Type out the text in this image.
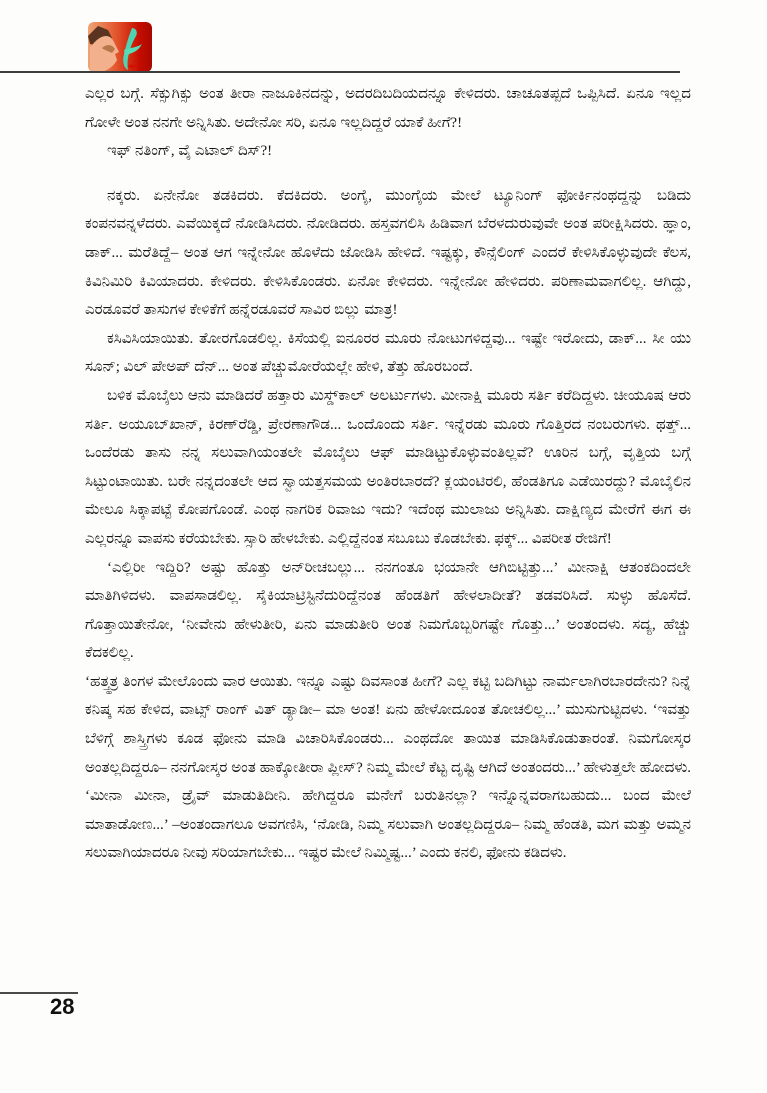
ಎಲ್ಲರ ಬಗ್ಗೆ. ಸೆಕ್ಸುಗಿಕ್ಸು ಅಂತ ತೀರಾ ನಾಜೂಕಿನದನ್ನು, ಅದರದಿಬದಿಯದನ್ನೂ ಕೇಳಿದರು. ಚಾಚೂತಪ್ಪದೆ ಒಪ್ಪಿಸಿದೆ. ಏನೂ ಇಲ್ಲದ ಗೋಳೇ ಅಂತ ನನಗೇ ಅನ್ನಿಸಿತು. ಅದೇನೋ ಸರಿ, ಏನೂ ಇಲ್ಲದಿದ್ದರೆ ಯಾಕೆ ಹೀಗೆ?!

ಇಫ್ ನತಿಂಗ್, ವೈ ಎಟಾಲ್ ದಿಸ್?!

ನಕ್ಕರು. ಏನೇನೋ ತಡಕಿದರು. ಕೆದಕಿದರು. ಅಂಗೈ, ಮುಂಗೈಯ ಮೇಲೆ ಟ್ಯೂನಿಂಗ್ ಫೋರ್ಕಿನಂಥದ್ದನ್ನು ಬಡಿದು ಕಂಪನವನ್ನಳೆದರು. ಎವೆಯಿಕ್ಕದೆ ನೋಡಿಸಿದರು. ನೋಡಿದರು. ಹಸ್ತವಗಲಿಸಿ ಹಿಡಿವಾಗ ಬೆರಳದುರುವುವೇ ಅಂತ ಪರೀಕ್ಷಿಸಿದರು. ಹ್ಞಾಂ, ಡಾಕ್... ಮರೆತಿದ್ದೆ– ಅಂತ ಆಗ ಇನ್ನೇನೋ ಹೊಳೆದು ಜೋಡಿಸಿ ಹೇಳಿದೆ. ಇಷ್ಟಕ್ಕು, ಕೌನ್ಸೆಲಿಂಗ್ ಎಂದರೆ ಕೇಳಿಸಿಕೊಳ್ಳುವುದೇ ಕೆಲಸ, ಕಿವಿನಿಮಿರಿ ಕಿವಿಯಾದರು. ಕೇಳಿದರು. ಕೇಳಿಸಿಕೊಂಡರು. ಏನೋ ಕೇಳಿದರು. ಇನ್ನೇನೋ ಹೇಳಿದರು. ಪರಿಣಾಮವಾಗಲಿಲ್ಲ. ಆಗಿದ್ದು, ಎರಡೂವರೆ ತಾಸುಗಳ ಕೇಳಿಕೆಗೆ ಹನ್ನೆರಡೂವರೆ ಸಾವಿರ ಬಿಲ್ಲು ಮಾತ್ರ!

ಕಸಿವಿಸಿಯಾಯಿತು. ತೋರಗೊಡಲಿಲ್ಲ. ಕಿಸೆಯಲ್ಲಿ ಐನೂರರ ಮೂರು ನೋಟುಗಳಿದ್ದವು... ಇಷ್ಟೇ ಇರೋದು, ಡಾಕ್... ಸೀ ಯು ಸೂನ್; ವಿಲ್ ಪೇಅಪ್ ದೆನ್... ಅಂತ ಪೆಚ್ಚುಮೋರೆಯಲ್ಲೇ ಹೇಳಿ, ತೆತ್ತು ಹೊರಬಂದೆ.

ಬಳಿಕ ಮೊಬೈಲು ಆನು ಮಾಡಿದರೆ ಹತ್ತಾರು ಮಿಸ್ಡ್‌ಕಾಲ್ ಅಲರ್ಟುಗಳು. ಮೀನಾಕ್ಷಿ ಮೂರು ಸರ್ತಿ ಕರೆದಿದ್ದಳು. ಚೀಯೂಷ ಆರು ಸರ್ತಿ. ಅಯೂಬ್‌ಖಾನ್, ಕಿರಣ್‌ರೆಡ್ಡಿ, ಪ್ರೇರಣಾಗೌಡ... ಒಂದೊಂದು ಸರ್ತಿ. ಇನ್ನೆರಡು ಮೂರು ಗೊತ್ತಿರದ ನಂಬರುಗಳು. ಥತ್ತ್... ಒಂದೆರಡು ತಾಸು ನನ್ನ ಸಲುವಾಗಿಯಂತಲೇ ಮೊಬೈಲು ಆಫ್ ಮಾಡಿಟ್ಟುಕೊಳ್ಳುವಂತಿಲ್ಲವೆ? ಊರಿನ ಬಗ್ಗೆ, ವೃತ್ತಿಯ ಬಗ್ಗೆ ಸಿಟ್ಟುಂಟಾಯಿತು. ಬರೇ ನನ್ನದಂತಲೇ ಆದ ಸ್ವಾಯತ್ತಸಮಯ ಅಂತಿರಬಾರದೆ? ಕ್ಲಯಂಟಿರಲಿ, ಹೆಂಡತಿಗೂ ಎಡೆಯಿರದ್ದು? ಮೊಬೈಲಿನ ಮೇಲೂ ಸಿಕ್ಕಾಪಟ್ಟೆ ಕೋಪಗೊಂಡೆ. ಎಂಥ ನಾಗರಿಕ ರಿವಾಜು ಇದು? ಇದೆಂಥ ಮುಲಾಜು ಅನ್ನಿಸಿತು. ದಾಕ್ಷಿಣ್ಯದ ಮೇರೆಗೆ ಈಗ ಈ ಎಲ್ಲರನ್ನೂ ವಾಪಸು ಕರೆಯಬೇಕು. ಸ್ಸಾರಿ ಹೇಳಬೇಕು. ಎಲ್ಲಿದ್ದೆನಂತ ಸಬೂಬು ಕೊಡಬೇಕು. ಫಕ್ಕ್... ವಿಪರೀತ ರೇಜಿಗೆ!

‘ಎಲ್ಲಿರೀ ಇದ್ದಿರಿ? ಅಷ್ಟು ಹೊತ್ತು ಅನ್‌ರೀಚಬಲ್ಲು... ನನಗಂತೂ ಭಯಾನೇ ಆಗಿಬಿಟ್ಟಿತ್ತು...’ ಮೀನಾಕ್ಷಿ ಆತಂಕದಿಂದಲೇ ಮಾತಿಗಿಳಿದಳು. ವಾಪಸಾಡಲಿಲ್ಲ. ಸೈಕಿಯಾಟ್ರಿಸ್ಟಿನೆದುರಿದ್ದೆನಂತ ಹೆಂಡತಿಗೆ ಹೇಳಲಾದೀತೆ? ತಡವರಿಸಿದೆ. ಸುಳ್ಳು ಹೊಸೆದೆ. ಗೊತ್ತಾಯಿತೇನೋ, ‘ನೀವೇನು ಹೇಳುತೀರಿ, ಏನು ಮಾಡುತೀರಿ ಅಂತ ನಿಮಗೊಬ್ಬರಿಗಷ್ಟೇ ಗೊತ್ತು...’ ಅಂತಂದಳು. ಸದ್ಯ, ಹೆಚ್ಚು ಕೆದಕಲಿಲ್ಲ.

‘ಹತ್ತ್ಹತ್ರ ತಿಂಗಳ ಮೇಲೊಂದು ವಾರ ಆಯಿತು. ಇನ್ನೂ ಎಷ್ಟು ದಿವಸಾಂತ ಹೀಗೆ? ಎಲ್ಲ ಕಟ್ಟಿ ಬದಿಗಿಟ್ಟು ನಾರ್ಮಲಾಗಿರಬಾರದೇನು? ನಿನ್ನೆ ಕನಿಷ್ಕ ಸಹ ಕೇಳಿದ, ವಾಟ್ಸ್ ರಾಂಗ್ ವಿತ್ ಡ್ಯಾಡೀ– ಮಾ ಅಂತ! ಏನು ಹೇಳೋದೂಂತ ತೋಚಲಿಲ್ಲ...’ ಮುಸುಗುಟ್ಟಿದಳು. ‘ಇವತ್ತು ಬೆಳಿಗ್ಗೆ ಶಾಸ್ತ್ರಿಗಳು ಕೂಡ ಫೋನು ಮಾಡಿ ವಿಚಾರಿಸಿಕೊಂಡರು... ಎಂಥದೋ ತಾಯಿತ ಮಾಡಿಸಿಕೊಡುತಾರಂತೆ. ನಿಮಗೋಸ್ಕರ ಅಂತಲ್ಲದಿದ್ದರೂ– ನನಗೋಸ್ಕರ ಅಂತ ಹಾಕ್ಕೋತೀರಾ ಪ್ಲೀಸ್? ನಿಮ್ಮ ಮೇಲೆ ಕೆಟ್ಟ ದೃಷ್ಟಿ ಆಗಿದೆ ಅಂತಂದರು...’ ಹೇಳುತ್ತಲೇ ಹೋದಳು. ‘ಮೀನಾ ಮೀನಾ, ಡ್ರೈವ್ ಮಾಡುತಿದೀನಿ. ಹೇಗಿದ್ದರೂ ಮನೇಗೆ ಬರುತಿನಲ್ಲಾ? ಇನ್ನೊನ್ನವರಾಗಬಹುದು... ಬಂದ ಮೇಲೆ ಮಾತಾಡೋಣ...’ –ಅಂತಂದಾಗಲೂ ಅವಗಣಿಸಿ, ‘ನೋಡಿ, ನಿಮ್ಮ ಸಲುವಾಗಿ ಅಂತಲ್ಲದಿದ್ದರೂ– ನಿಮ್ಮ ಹೆಂಡತಿ, ಮಗ ಮತ್ತು ಅಮ್ಮನ ಸಲುವಾಗಿಯಾದರೂ ನೀವು ಸರಿಯಾಗಬೇಕು... ಇಷ್ಟರ ಮೇಲೆ ನಿಮ್ಮಿಷ್ಟ...’ ಎಂದು ಕನಲಿ, ಫೋನು ಕಡಿದಳು.

28
